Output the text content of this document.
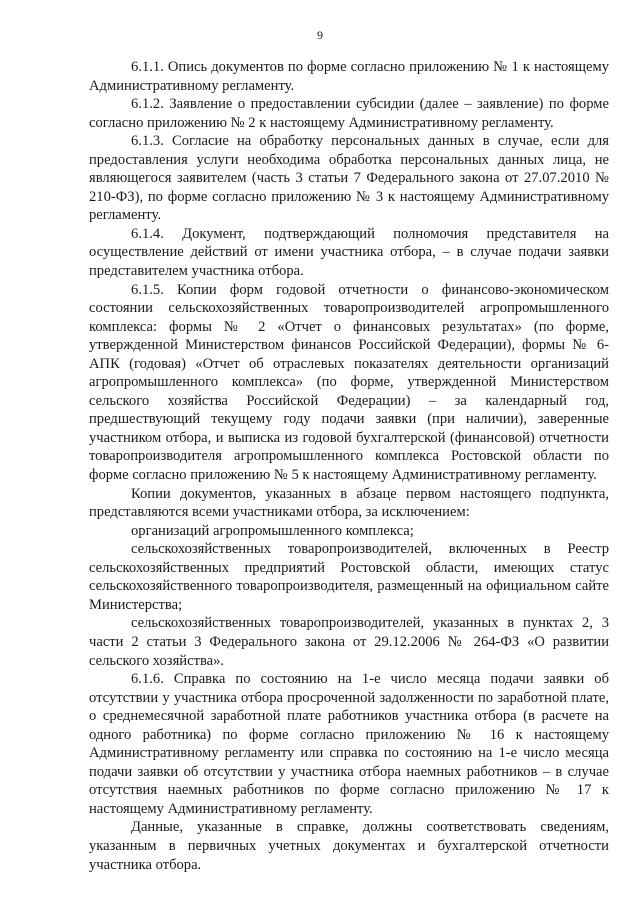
9

6.1.1. Опись документов по форме согласно приложению № 1 к настоящему Административному регламенту.

6.1.2. Заявление о предоставлении субсидии (далее – заявление) по форме согласно приложению № 2 к настоящему Административному регламенту.

6.1.3. Согласие на обработку персональных данных в случае, если для предоставления услуги необходима обработка персональных данных лица, не являющегося заявителем (часть 3 статьи 7 Федерального закона от 27.07.2010 № 210-ФЗ), по форме согласно приложению № 3 к настоящему Административному регламенту.

6.1.4. Документ, подтверждающий полномочия представителя на осуществление действий от имени участника отбора, – в случае подачи заявки представителем участника отбора.

6.1.5. Копии форм годовой отчетности о финансово-экономическом состоянии сельскохозяйственных товаропроизводителей агропромышленного комплекса: формы № 2 «Отчет о финансовых результатах» (по форме, утвержденной Министерством финансов Российской Федерации), формы № 6-АПК (годовая) «Отчет об отраслевых показателях деятельности организаций агропромышленного комплекса» (по форме, утвержденной Министерством сельского хозяйства Российской Федерации) – за календарный год, предшествующий текущему году подачи заявки (при наличии), заверенные участником отбора, и выписка из годовой бухгалтерской (финансовой) отчетности товаропроизводителя агропромышленного комплекса Ростовской области по форме согласно приложению № 5 к настоящему Административному регламенту.

Копии документов, указанных в абзаце первом настоящего подпункта, представляются всеми участниками отбора, за исключением:

организаций агропромышленного комплекса;

сельскохозяйственных товаропроизводителей, включенных в Реестр сельскохозяйственных предприятий Ростовской области, имеющих статус сельскохозяйственного товаропроизводителя, размещенный на официальном сайте Министерства;

сельскохозяйственных товаропроизводителей, указанных в пунктах 2, 3 части 2 статьи 3 Федерального закона от 29.12.2006 № 264-ФЗ «О развитии сельского хозяйства».

6.1.6. Справка по состоянию на 1-е число месяца подачи заявки об отсутствии у участника отбора просроченной задолженности по заработной плате, о среднемесячной заработной плате работников участника отбора (в расчете на одного работника) по форме согласно приложению № 16 к настоящему Административному регламенту или справка по состоянию на 1-е число месяца подачи заявки об отсутствии у участника отбора наемных работников – в случае отсутствия наемных работников по форме согласно приложению № 17 к настоящему Административному регламенту.

Данные, указанные в справке, должны соответствовать сведениям, указанным в первичных учетных документах и бухгалтерской отчетности участника отбора.
